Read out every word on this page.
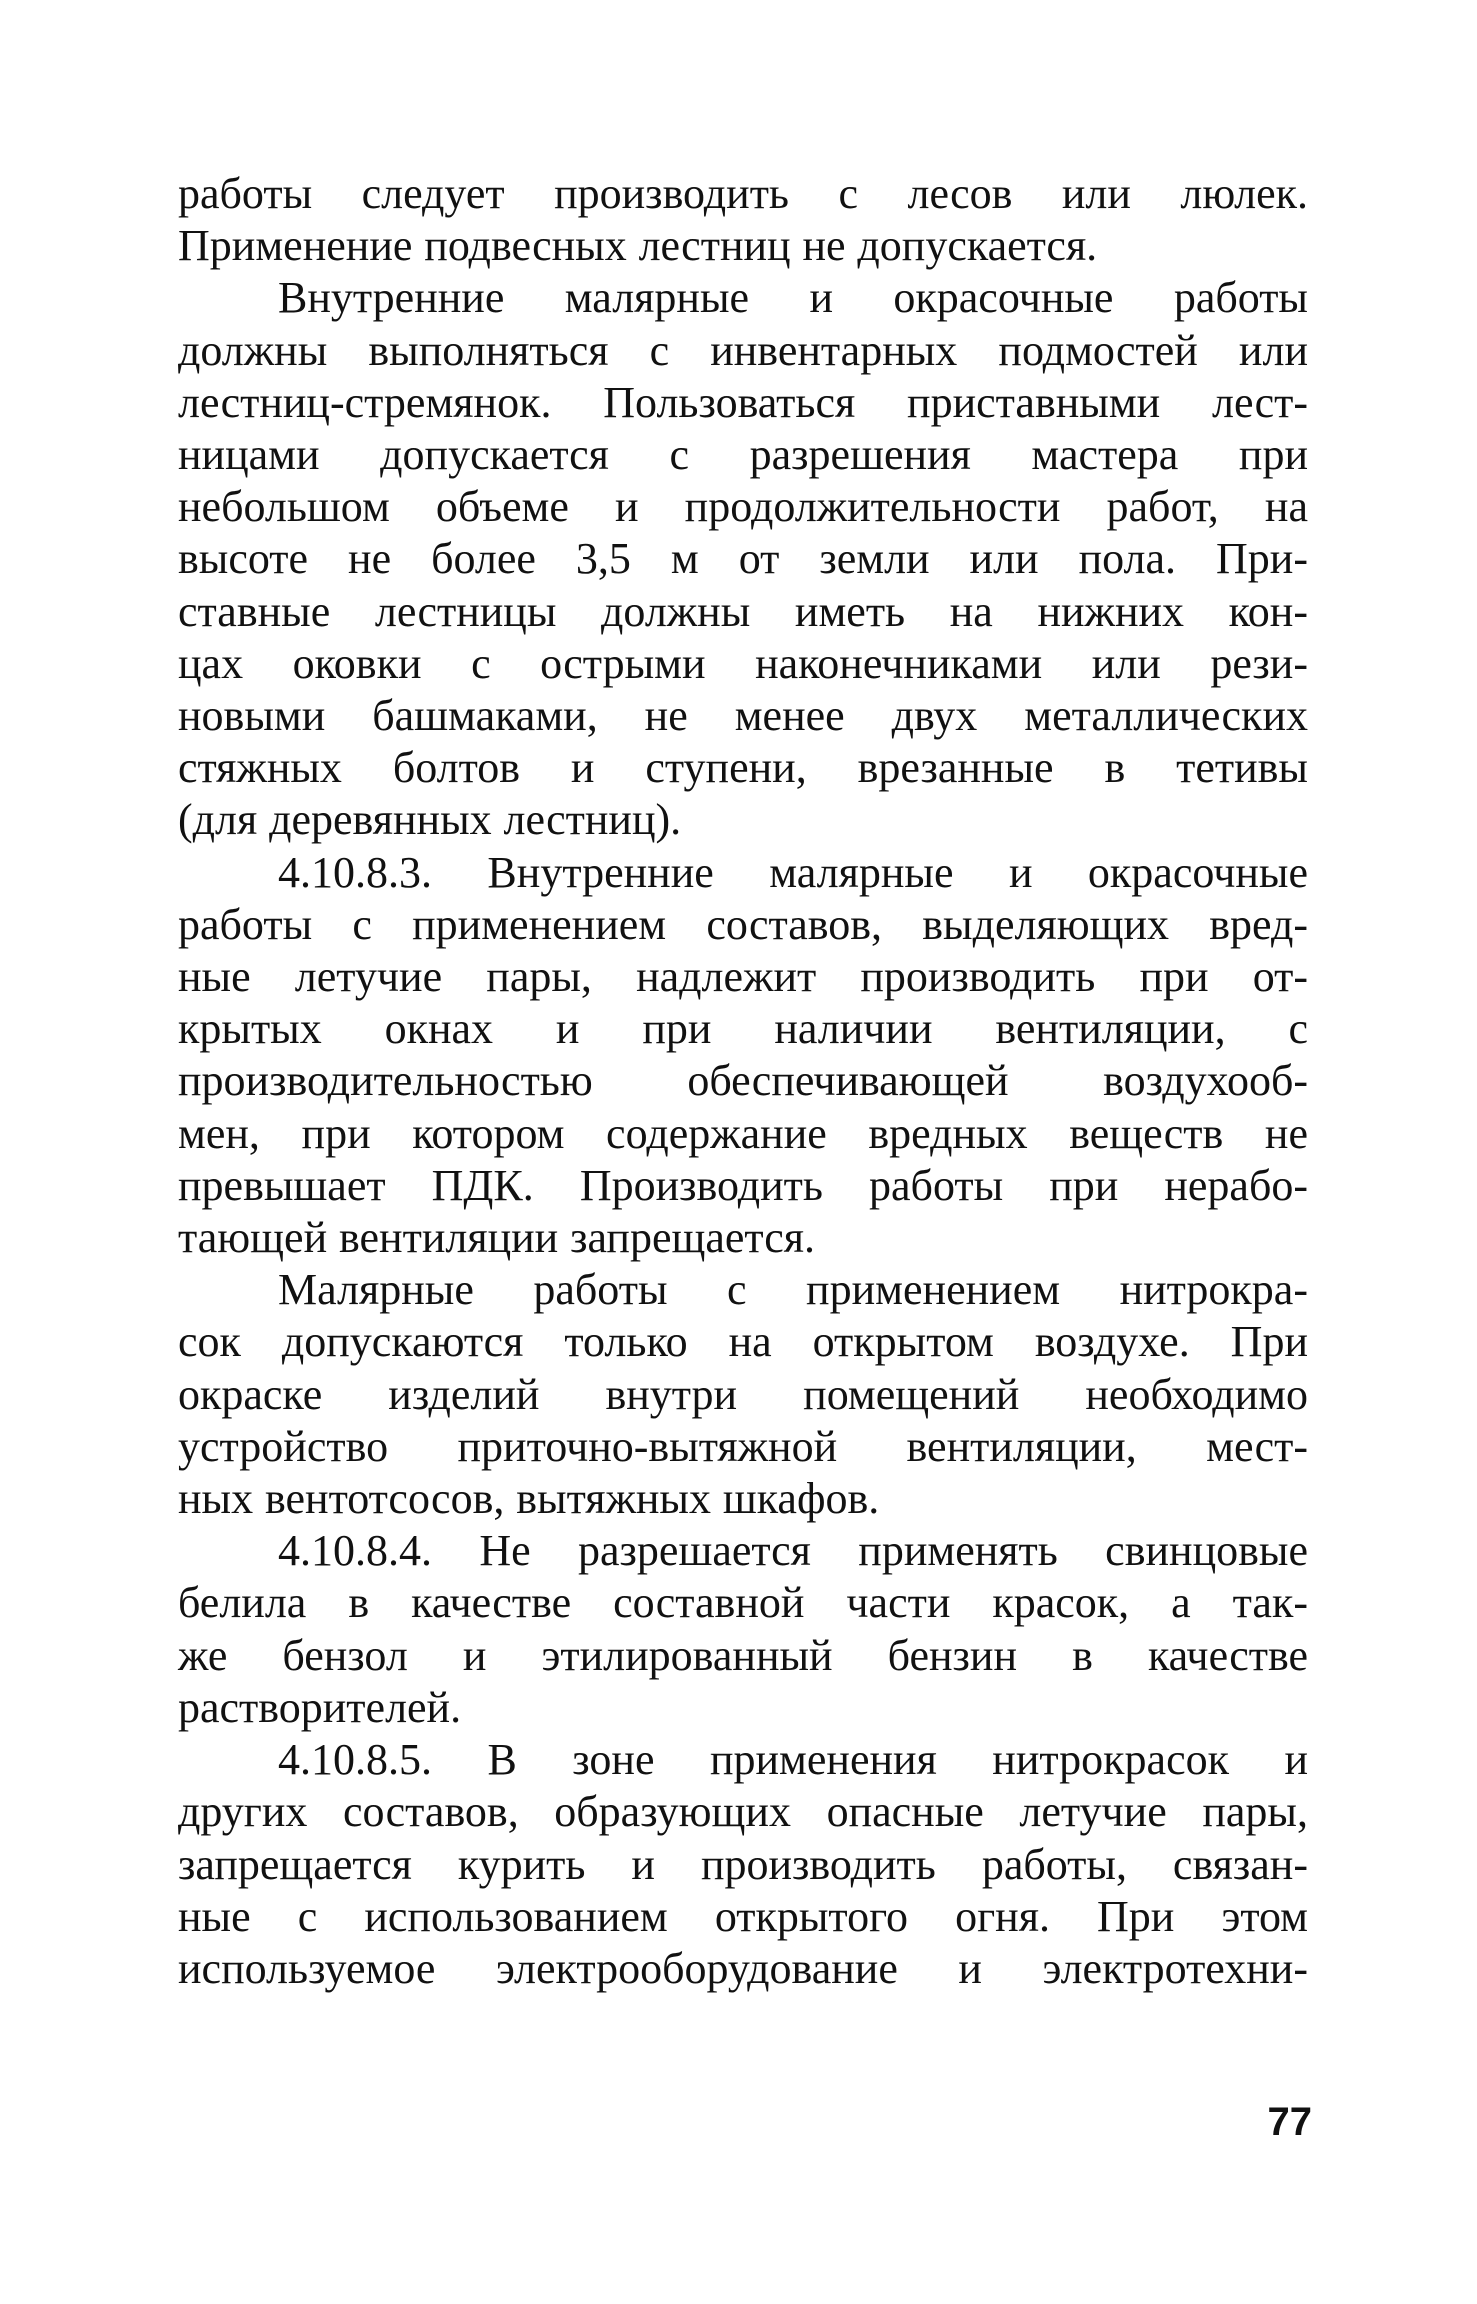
работы следует производить с лесов или люлек.
Применение подвесных лестниц не допускается.

Внутренние малярные и окрасочные работы
должны выполняться с инвентарных подмостей или
лестниц-стремянок. Пользоваться приставными лест-
ницами допускается с разрешения мастера при
небольшом объеме и продолжительности работ, на
высоте не более 3,5 м от земли или пола. При-
ставные лестницы должны иметь на нижних кон-
цах оковки с острыми наконечниками или рези-
новыми башмаками, не менее двух металлических
стяжных болтов и ступени, врезанные в тетивы
(для деревянных лестниц).

4.10.8.3. Внутренние малярные и окрасочные
работы с применением составов, выделяющих вред-
ные летучие пары, надлежит производить при от-
крытых окнах и при наличии вентиляции, с
производительностью обеспечивающей воздухооб-
мен, при котором содержание вредных веществ не
превышает ПДК. Производить работы при нерабо-
тающей вентиляции запрещается.

Малярные работы с применением нитрокра-
сок допускаются только на открытом воздухе. При
окраске изделий внутри помещений необходимо
устройство приточно-вытяжной вентиляции, мест-
ных вентотсосов, вытяжных шкафов.

4.10.8.4. Не разрешается применять свинцовые
белила в качестве составной части красок, а так-
же бензол и этилированный бензин в качестве
растворителей.

4.10.8.5. В зоне применения нитрокрасок и
других составов, образующих опасные летучие пары,
запрещается курить и производить работы, связан-
ные с использованием открытого огня. При этом
используемое электрооборудование и электротехни-

77
